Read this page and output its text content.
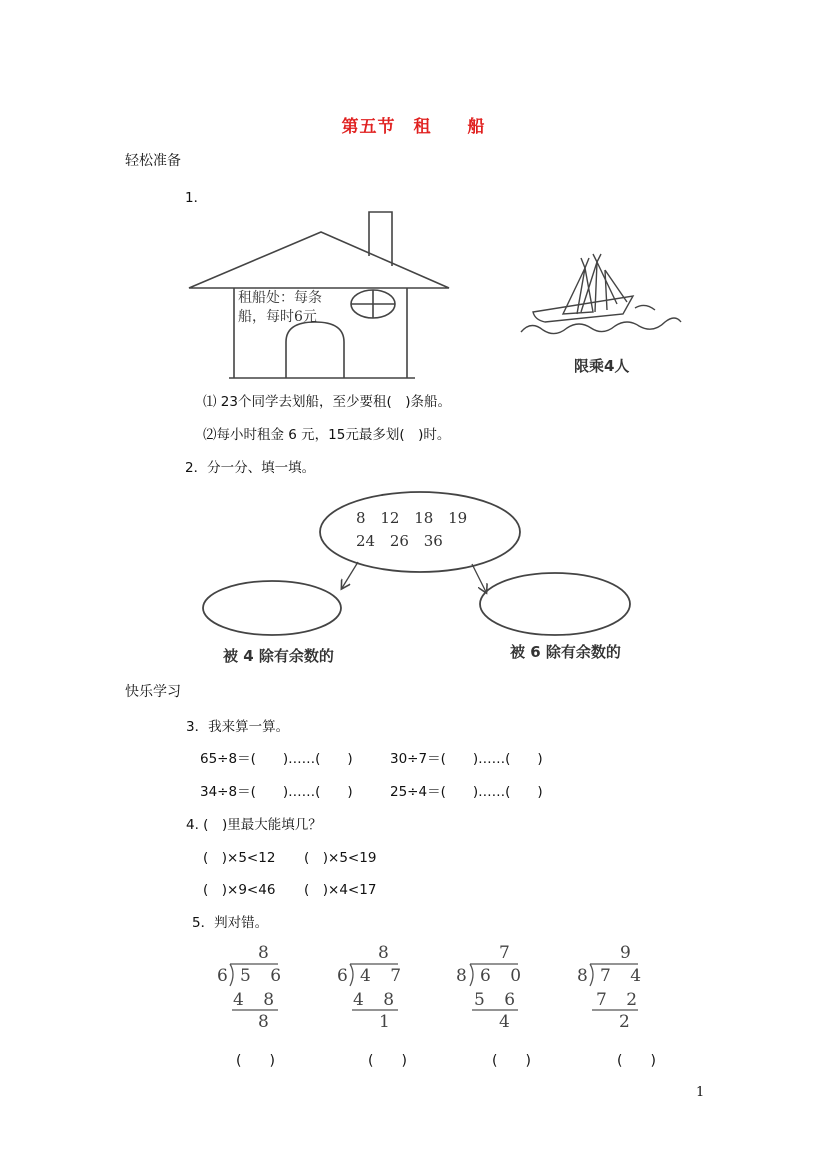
第五节　租　　船
轻松准备
1．
租船处：每条
船，每时6元
限乘4人
⑴ 23个同学去划船，至少要租(　)条船。
⑵每小时租金 6 元，15元最多划(　)时。
2．分一分、填一填。
8 12 18 19
24 26 36
被 4 除有余数的	被 6 除有余数的
快乐学习
3．我来算一算。
65÷8＝(　　)……(　　)	30÷7＝(　　)……(　　)
34÷8＝(　　)……(　　)	25÷4＝(　　)……(　　)
4. (　)里最大能填几？
(　)×5<12 (　)×5<19
(　)×9<46 (　)×4<17
5．判对错。
8
6 5 6
4 8
8
8
6 4 7
4 8
1
7
8 6 0
5 6
4
9
8 7 4
7 2
2
(　　)	(　　)	(　　)	(　　)
1
